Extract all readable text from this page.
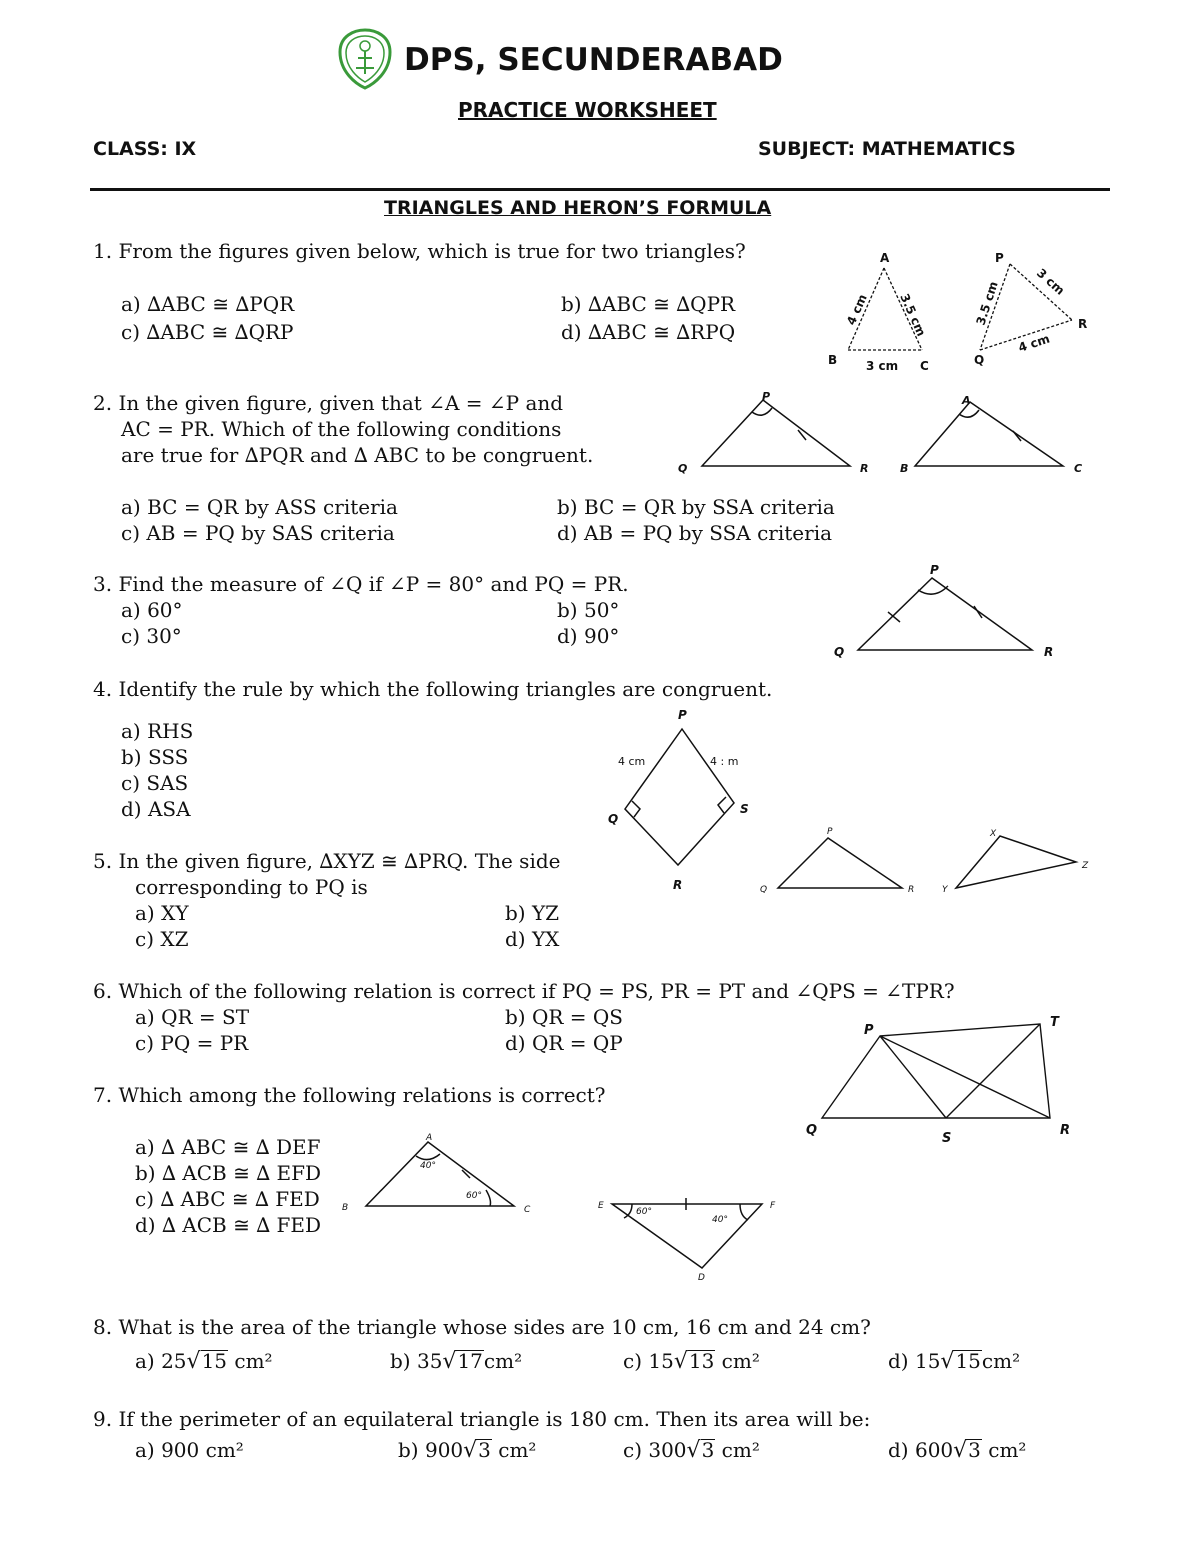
DPS, SECUNDERABAD
PRACTICE WORKSHEET
CLASS: IX	SUBJECT: MATHEMATICS
TRIANGLES AND HERON’S FORMULA
1. From the figures given below, which is true for two triangles?
a) ∆ABC ≅ ∆PQR	b) ∆ABC ≅ ∆QPR
c) ∆ABC ≅ ∆QRP	d) ∆ABC ≅ ∆RPQ
A
B	C
3 cm
4 cm 3.5 cm
P
Q
R
3.5 cm	3 cm
4 cm
2. In the given figure, given that ∠A = ∠P and
AC = PR. Which of the following conditions
are true for ∆PQR and ∆ ABC to be congruent.
a) BC = QR by ASS criteria	b) BC = QR by SSA criteria
c) AB = PQ by SAS criteria	d) AB = PQ by SSA criteria
P
Q	R
A
B	C
3. Find the measure of ∠Q if ∠P = 80° and PQ = PR.
a) 60°	b) 50°
c) 30°	d) 90°
P
Q	R
4. Identify the rule by which the following triangles are congruent.
a) RHS
b) SSS
c) SAS
d) ASA
P
Q
S
R
4 cm	4 : m
5. In the given figure, ∆XYZ ≅ ∆PRQ. The side
corresponding to PQ is
a) XY	b) YZ
c) XZ	d) YX
P
Q	R
X
Y
Z
6. Which of the following relation is correct if PQ = PS, PR = PT and ∠QPS = ∠TPR?
a) QR = ST	b) QR = QS
c) PQ = PR	d) QR = QP
P
T
Q
S
R
7. Which among the following relations is correct?
a) ∆ ABC ≅ ∆ DEF
b) ∆ ACB ≅ ∆ EFD
c) ∆ ABC ≅ ∆ FED
d) ∆ ACB ≅ ∆ FED
A
B	C
40°
60°
E	F
D
60°
40°
8. What is the area of the triangle whose sides are 10 cm, 16 cm and 24 cm?
a) 25√15 cm²	b) 35√17cm²	c) 15√13 cm²	d) 15√15cm²
9. If the perimeter of an equilateral triangle is 180 cm. Then its area will be:
a) 900 cm²	b) 900√3 cm²	c) 300√3 cm²	d) 600√3 cm²
